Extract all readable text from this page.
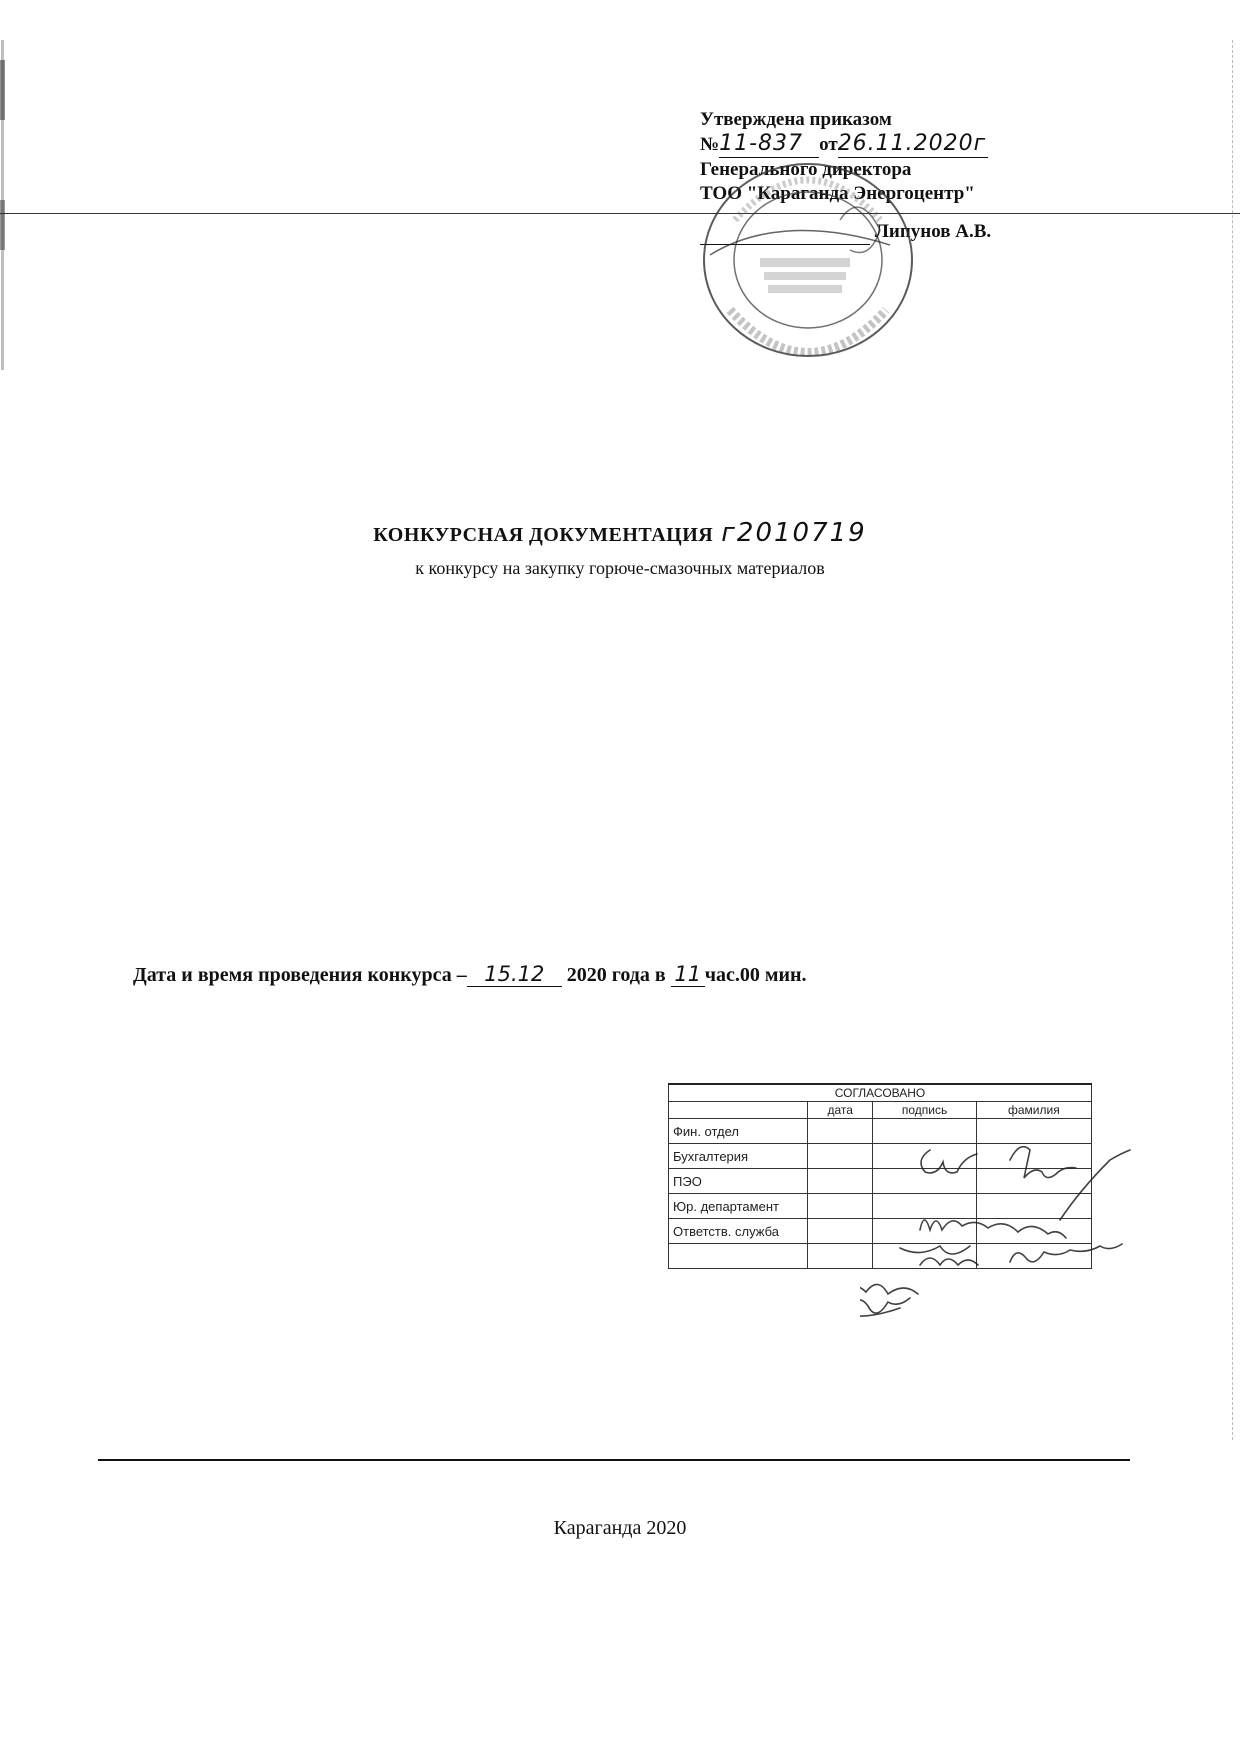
Утверждена приказом
№11-837 от26.11.2020г
Генерального директора
ТОО "Караганда Энергоцентр"
Липунов А.В.
КОНКУРСНАЯ ДОКУМЕНТАЦИЯ г2010719
к конкурсу на закупку горюче-смазочных материалов
Дата и время проведения конкурса – 15.12 2020 года в 11 час.00 мин.
СОГЛАСОВАНО			
	дата	подпись	фамилия
Фин. отдел			
Бухгалтерия			
ПЭО			
Юр. департамент			
Ответств. служба			

Караганда 2020
